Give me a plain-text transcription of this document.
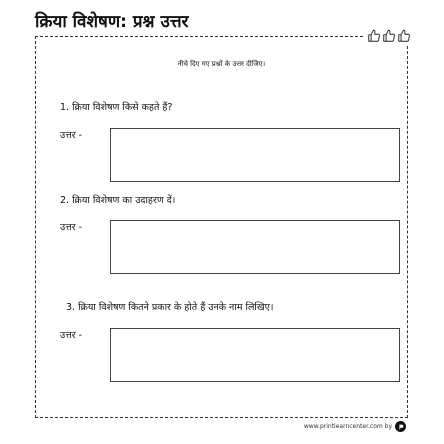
क्रिया विशेषण: प्रश्न उत्तर
नीचे दिए गए प्रश्नों के उत्तर दीजिए।
1. क्रिया विशेषण किसे कहते हैं?
उत्तर -
2. क्रिया विशेषण का उदाहरण दें।
उत्तर -
3. क्रिया विशेषण कितने प्रकार के होते हैं उनके नाम लिखिए।
उत्तर -
www.printlearncenter.com by
